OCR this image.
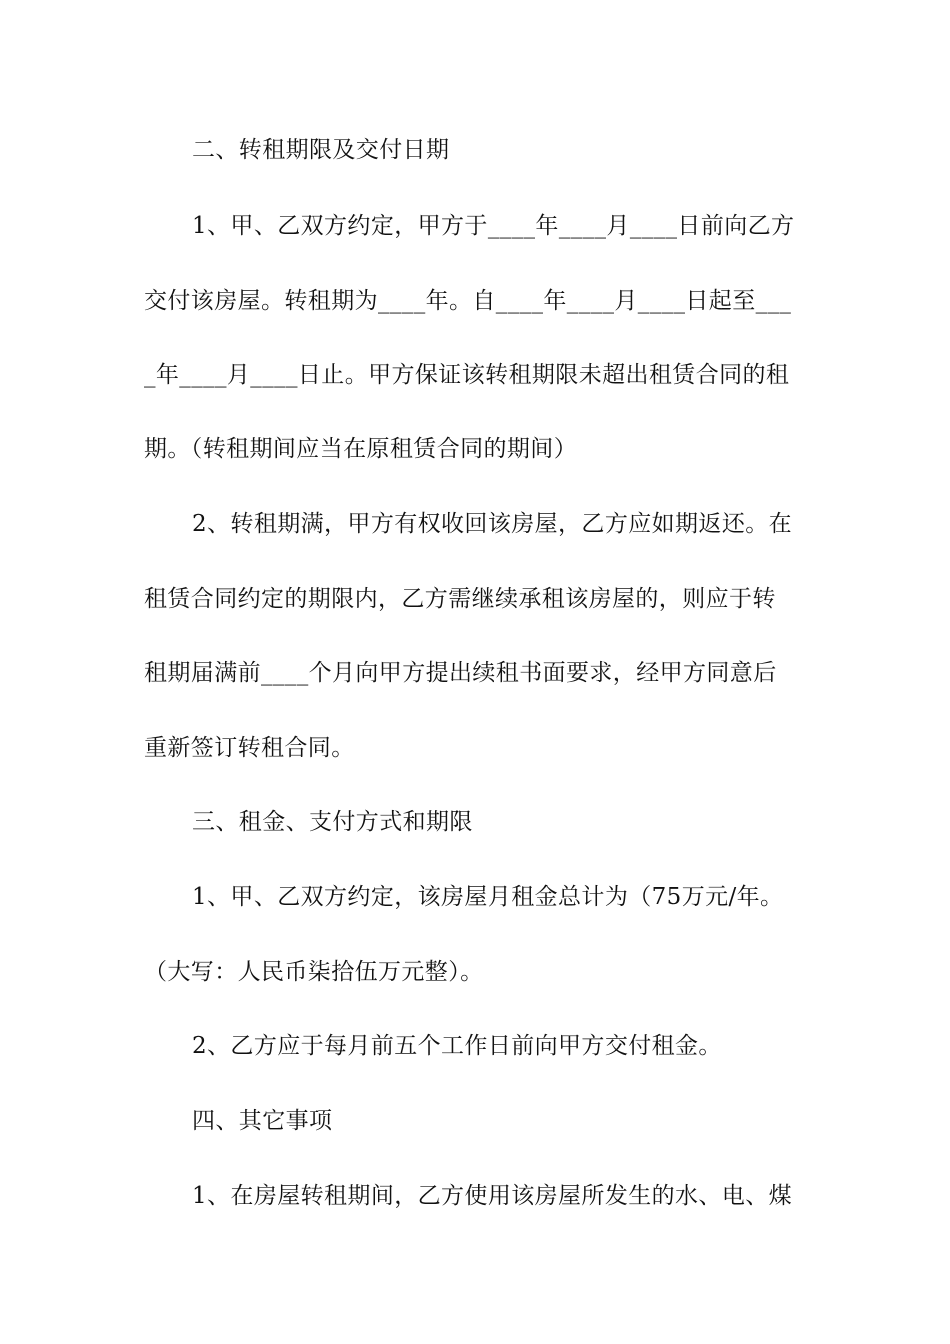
二、转租期限及交付日期
1、甲、乙双方约定，甲方于____年____月____日前向乙方
交付该房屋。转租期为____年。自____年____月____日起至___
_年____月____日止。甲方保证该转租期限未超出租赁合同的租
期。（转租期间应当在原租赁合同的期间）
2、转租期满，甲方有权收回该房屋，乙方应如期返还。在
租赁合同约定的期限内，乙方需继续承租该房屋的，则应于转
租期届满前____个月向甲方提出续租书面要求，经甲方同意后
重新签订转租合同。
三、租金、支付方式和期限
1、甲、乙双方约定，该房屋月租金总计为（75万元/年。
（大写：人民币柒拾伍万元整）。
2、乙方应于每月前五个工作日前向甲方交付租金。
四、其它事项
1、在房屋转租期间，乙方使用该房屋所发生的水、电、煤
